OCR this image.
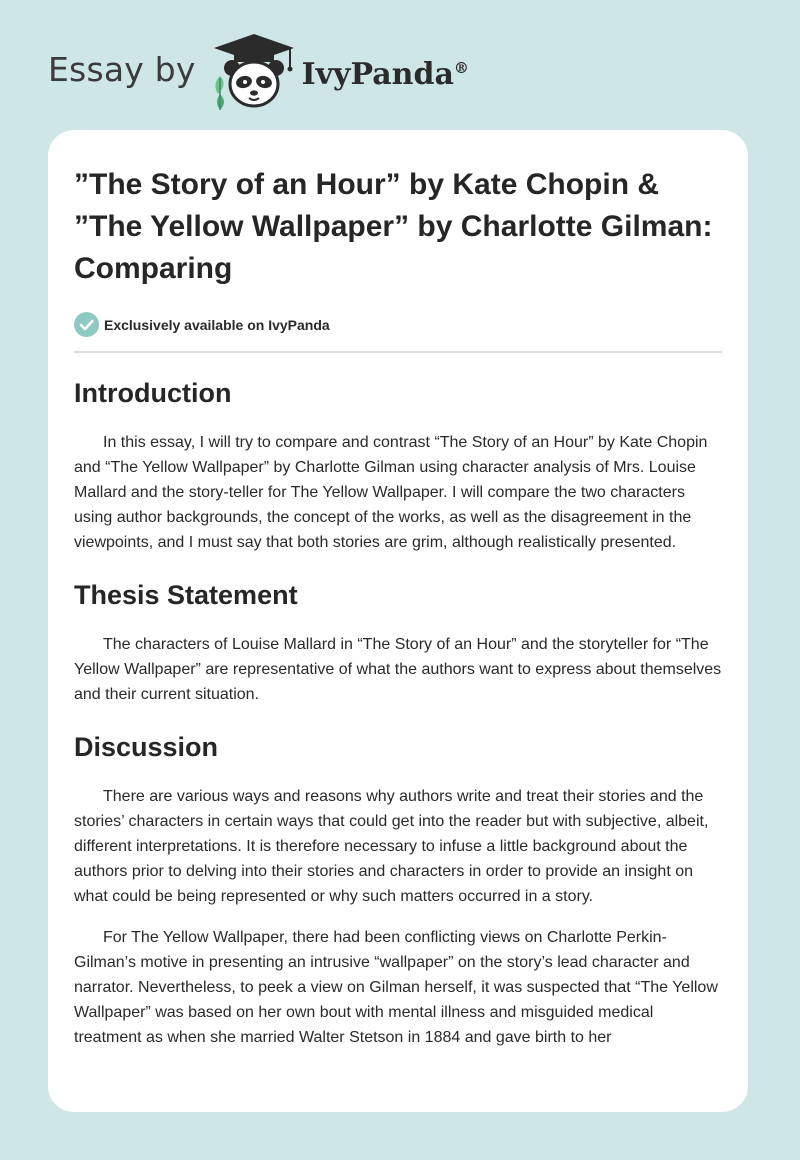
Essay by	IvyPanda®
”The Story of an Hour” by Kate Chopin & ”The Yellow Wallpaper” by Charlotte Gilman: Comparing
Exclusively available on IvyPanda
Introduction

In this essay, I will try to compare and contrast “The Story of an Hour” by Kate Chopin and “The Yellow Wallpaper” by Charlotte Gilman using character analysis of Mrs. Louise Mallard and the story-teller for The Yellow Wallpaper. I will compare the two characters using author backgrounds, the concept of the works, as well as the disagreement in the viewpoints, and I must say that both stories are grim, although realistically presented.

Thesis Statement

The characters of Louise Mallard in “The Story of an Hour” and the storyteller for “The Yellow Wallpaper” are representative of what the authors want to express about themselves and their current situation.

Discussion

There are various ways and reasons why authors write and treat their stories and the stories’ characters in certain ways that could get into the reader but with subjective, albeit, different interpretations. It is therefore necessary to infuse a little background about the authors prior to delving into their stories and characters in order to provide an insight on what could be being represented or why such matters occurred in a story.

For The Yellow Wallpaper, there had been conflicting views on Charlotte Perkin-Gilman’s motive in presenting an intrusive “wallpaper” on the story’s lead character and narrator. Nevertheless, to peek a view on Gilman herself, it was suspected that “The Yellow Wallpaper” was based on her own bout with mental illness and misguided medical treatment as when she married Walter Stetson in 1884 and gave birth to her
